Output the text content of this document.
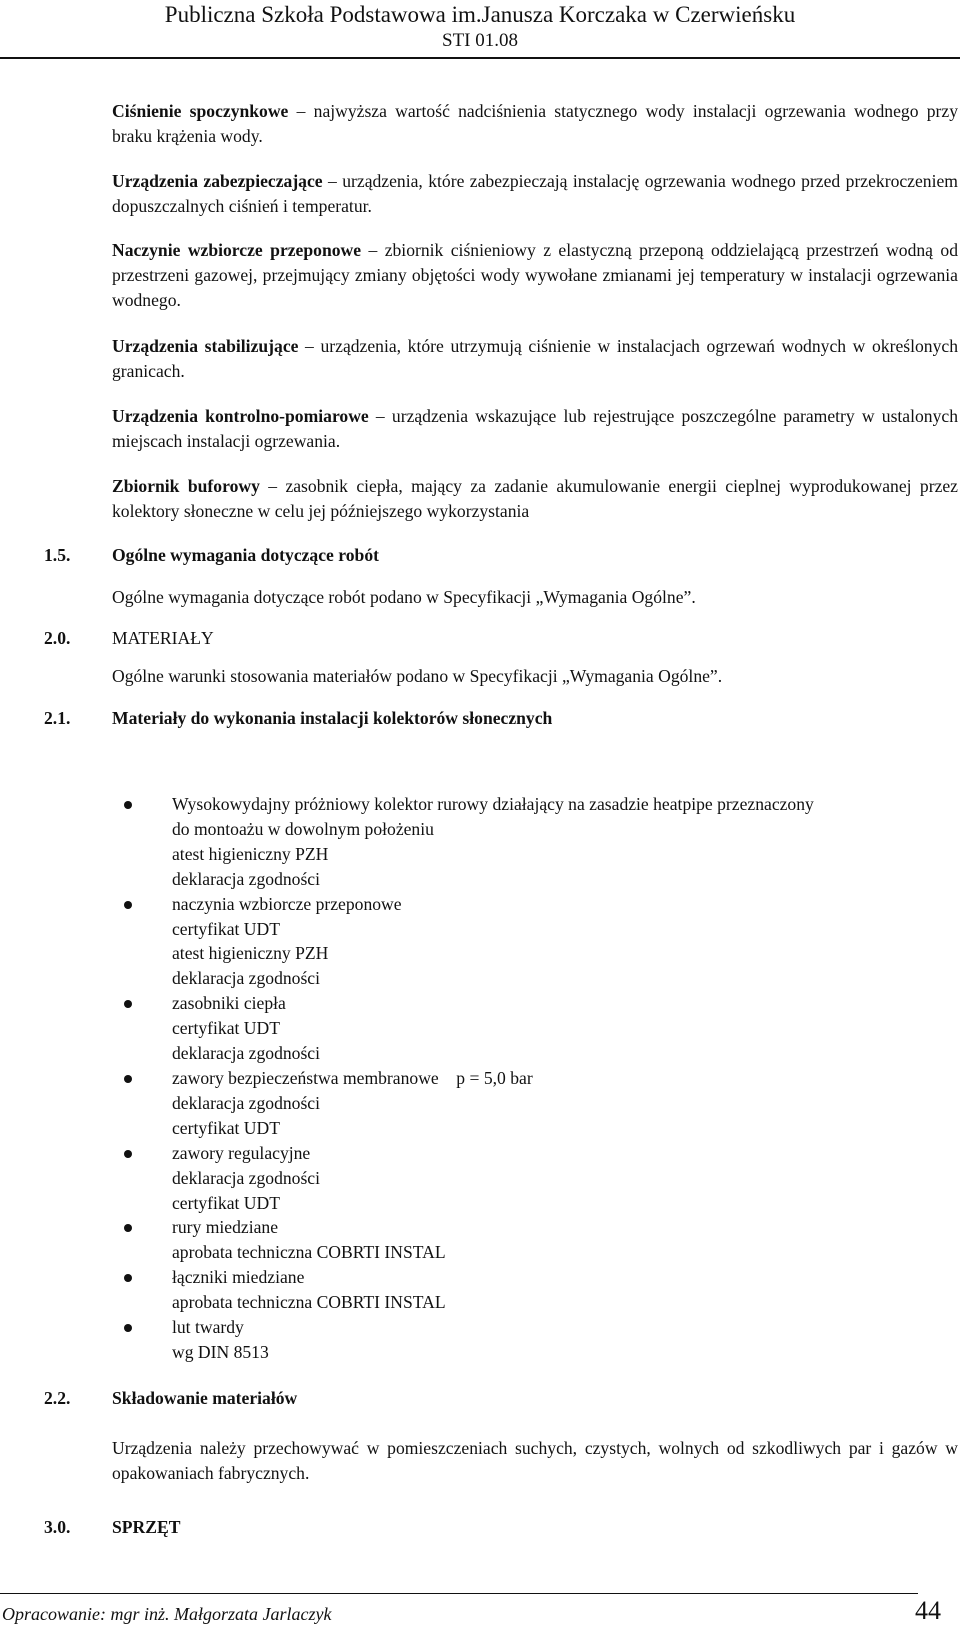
Publiczna Szkoła Podstawowa im.Janusza Korczaka w Czerwieńsku
STI 01.08
Ciśnienie spoczynkowe – najwyższa wartość nadciśnienia statycznego wody instalacji ogrzewania wodnego przy braku krążenia wody.
Urządzenia zabezpieczające – urządzenia, które zabezpieczają instalację ogrzewania wodnego przed przekroczeniem dopuszczalnych ciśnień i temperatur.
Naczynie wzbiorcze przeponowe – zbiornik ciśnieniowy z elastyczną przeponą oddzielającą przestrzeń wodną od przestrzeni gazowej, przejmujący zmiany objętości wody wywołane zmianami jej temperatury w instalacji ogrzewania wodnego.
Urządzenia stabilizujące – urządzenia, które utrzymują ciśnienie w instalacjach ogrzewań wodnych w określonych granicach.
Urządzenia kontrolno-pomiarowe – urządzenia wskazujące lub rejestrujące poszczególne parametry w ustalonych miejscach instalacji ogrzewania.
Zbiornik buforowy – zasobnik ciepła, mający za zadanie akumulowanie energii cieplnej wyprodukowanej przez kolektory słoneczne w celu jej późniejszego wykorzystania
1.5. Ogólne wymagania dotyczące robót
Ogólne wymagania dotyczące robót podano w Specyfikacji „Wymagania Ogólne”.
2.0. MATERIAŁY
Ogólne warunki stosowania materiałów podano w Specyfikacji „Wymagania Ogólne”.
2.1. Materiały do wykonania instalacji kolektorów słonecznych
Wysokowydajny próżniowy kolektor rurowy działający na zasadzie heatpipe przeznaczony
do montoażu w dowolnym położeniu
atest higieniczny PZH
deklaracja zgodności
naczynia wzbiorcze przeponowe
certyfikat UDT
atest higieniczny PZH
deklaracja zgodności
zasobniki ciepła
certyfikat UDT
deklaracja zgodności
zawory bezpieczeństwa membranowe    p = 5,0 bar
deklaracja zgodności
certyfikat UDT
zawory regulacyjne
deklaracja zgodności
certyfikat UDT
rury miedziane
aprobata techniczna COBRTI INSTAL
łączniki miedziane
aprobata techniczna COBRTI INSTAL
lut twardy
wg DIN 8513
2.2. Składowanie materiałów
Urządzenia należy przechowywać w pomieszczeniach suchych, czystych, wolnych od szkodliwych par i gazów w opakowaniach fabrycznych.
3.0. SPRZĘT
Opracowanie: mgr inż. Małgorzata Jarlaczyk	44
